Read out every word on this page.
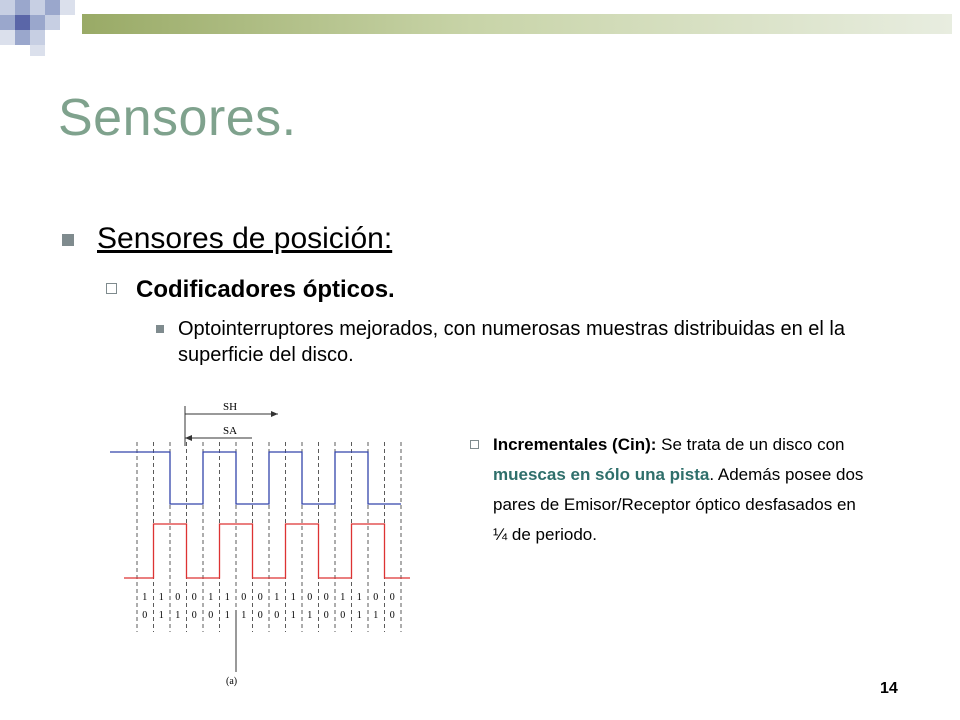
Sensores.
Sensores de posición:
Codificadores ópticos.
Optointerruptores mejorados, con numerosas muestras distribuidas en el la superficie del disco.
SH
SA
1 1 0 0 1 1 0 0 1 1 0 0 1 1 0 0
0 1 1 0 0 1 1 0 0 1 1 0 0 1 1 0
(a)
Incrementales (Cin): Se trata de un disco con muescas en sólo una pista. Además posee dos pares de Emisor/Receptor óptico desfasados en ¼ de periodo.
14
